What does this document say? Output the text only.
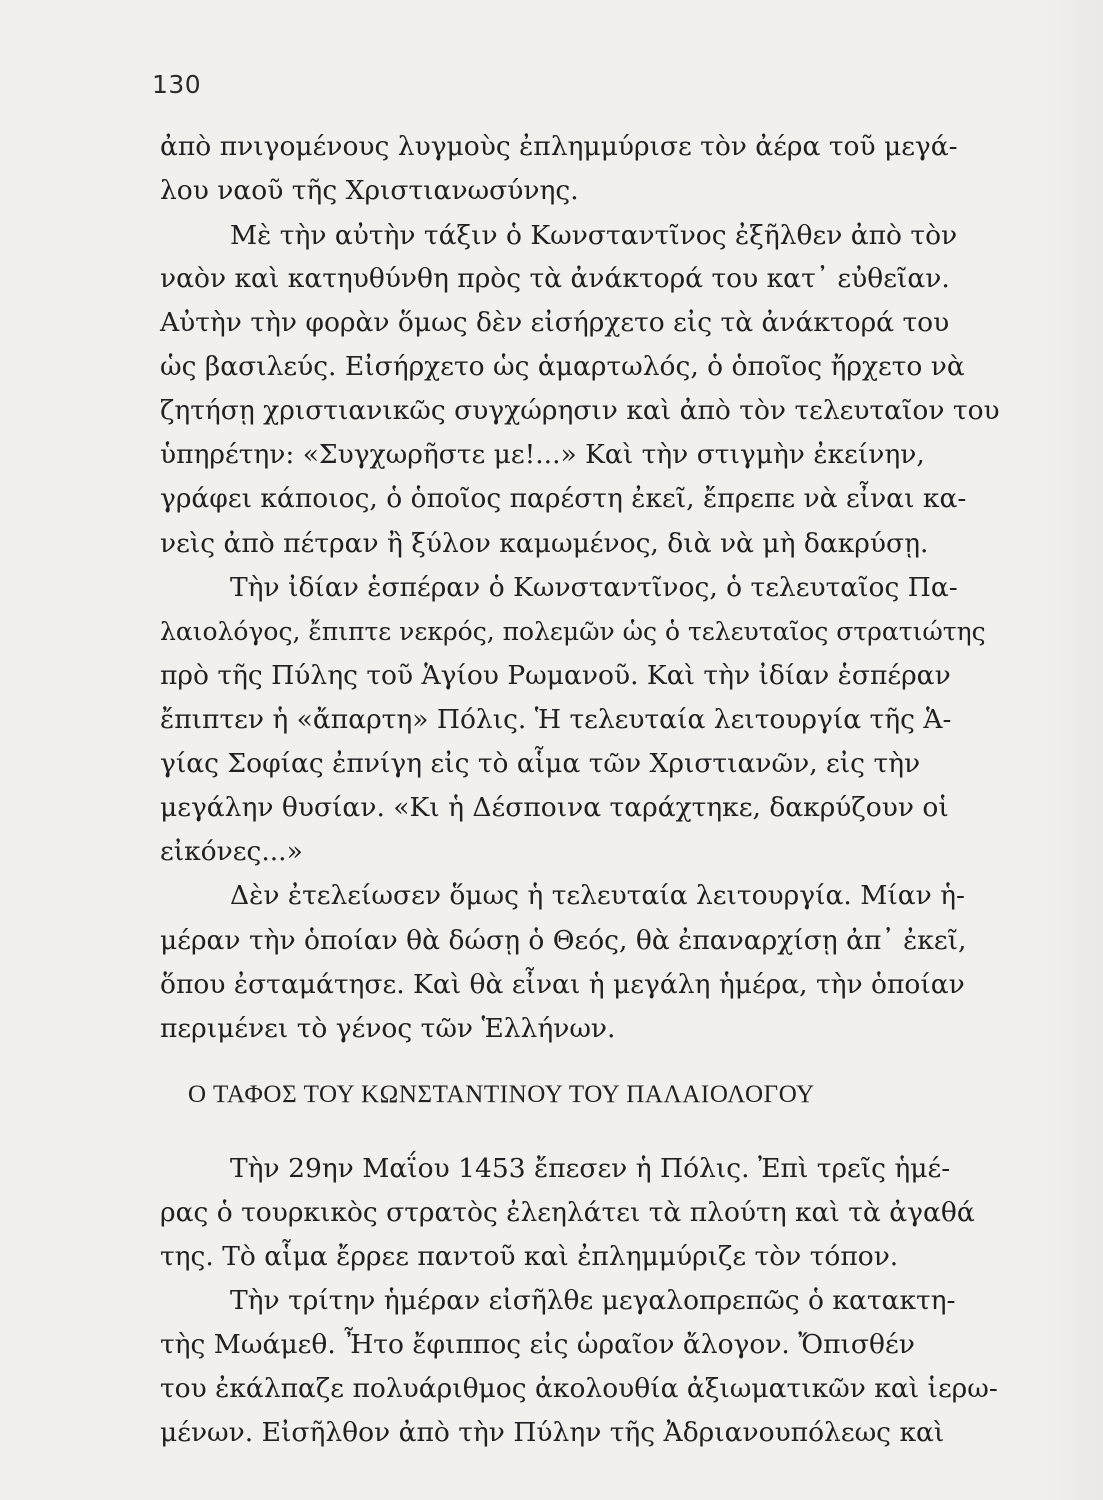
130
ἀπὸ πνιγομένους λυγμοὺς ἐπλημμύρισε τὸν ἀέρα τοῦ μεγά-
λου ναοῦ τῆς Χριστιανωσύνης.
Μὲ τὴν αὐτὴν τάξιν ὁ Κωνσταντῖνος ἐξῆλθεν ἀπὸ τὸν
ναὸν καὶ κατηυθύνθη πρὸς τὰ ἀνάκτορά του κατ᾽ εὐθεῖαν.
Αὐτὴν τὴν φορὰν ὅμως δὲν εἰσήρχετο εἰς τὰ ἀνάκτορά του
ὡς βασιλεύς. Εἰσήρχετο ὡς ἁμαρτωλός, ὁ ὁποῖος ἤρχετο νὰ
ζητήσῃ χριστιανικῶς συγχώρησιν καὶ ἀπὸ τὸν τελευταῖον του
ὑπηρέτην: «Συγχωρῆστε με!...» Καὶ τὴν στιγμὴν ἐκείνην,
γράφει κάποιος, ὁ ὁποῖος παρέστη ἐκεῖ, ἔπρεπε νὰ εἶναι κα-
νεὶς ἀπὸ πέτραν ἢ ξύλον καμωμένος, διὰ νὰ μὴ δακρύσῃ.
Τὴν ἰδίαν ἑσπέραν ὁ Κωνσταντῖνος, ὁ τελευταῖος Πα-
λαιολόγος, ἔπιπτε νεκρός, πολεμῶν ὡς ὁ τελευταῖος στρατιώτης
πρὸ τῆς Πύλης τοῦ Ἁγίου Ρωμανοῦ. Καὶ τὴν ἰδίαν ἑσπέραν
ἔπιπτεν ἡ «ἄπαρτη» Πόλις. Ἡ τελευταία λειτουργία τῆς Ἁ-
γίας Σοφίας ἐπνίγη εἰς τὸ αἷμα τῶν Χριστιανῶν, εἰς τὴν
μεγάλην θυσίαν. «Κι ἡ Δέσποινα ταράχτηκε, δακρύζουν οἱ
εἰκόνες...»
Δὲν ἐτελείωσεν ὅμως ἡ τελευταία λειτουργία. Μίαν ἡ-
μέραν τὴν ὁποίαν θὰ δώσῃ ὁ Θεός, θὰ ἐπαναρχίσῃ ἀπ᾽ ἐκεῖ,
ὅπου ἐσταμάτησε. Καὶ θὰ εἶναι ἡ μεγάλη ἡμέρα, τὴν ὁποίαν
περιμένει τὸ γένος τῶν Ἑλλήνων.
Ο ΤΑΦΟΣ ΤΟΥ ΚΩΝΣΤΑΝΤΙΝΟΥ ΤΟΥ ΠΑΛΑΙΟΛΟΓΟΥ
Τὴν 29ην Μαΐου 1453 ἔπεσεν ἡ Πόλις. Ἐπὶ τρεῖς ἡμέ-
ρας ὁ τουρκικὸς στρατὸς ἐλεηλάτει τὰ πλούτη καὶ τὰ ἀγαθά
της. Τὸ αἷμα ἔρρεε παντοῦ καὶ ἐπλημμύριζε τὸν τόπον.
Τὴν τρίτην ἡμέραν εἰσῆλθε μεγαλοπρεπῶς ὁ κατακτη-
τὴς Μωάμεθ. Ἦτο ἔφιππος εἰς ὡραῖον ἄλογον. Ὄπισθέν
του ἐκάλπαζε πολυάριθμος ἀκολουθία ἀξιωματικῶν καὶ ἱερω-
μένων. Εἰσῆλθον ἀπὸ τὴν Πύλην τῆς Ἀδριανουπόλεως καὶ
